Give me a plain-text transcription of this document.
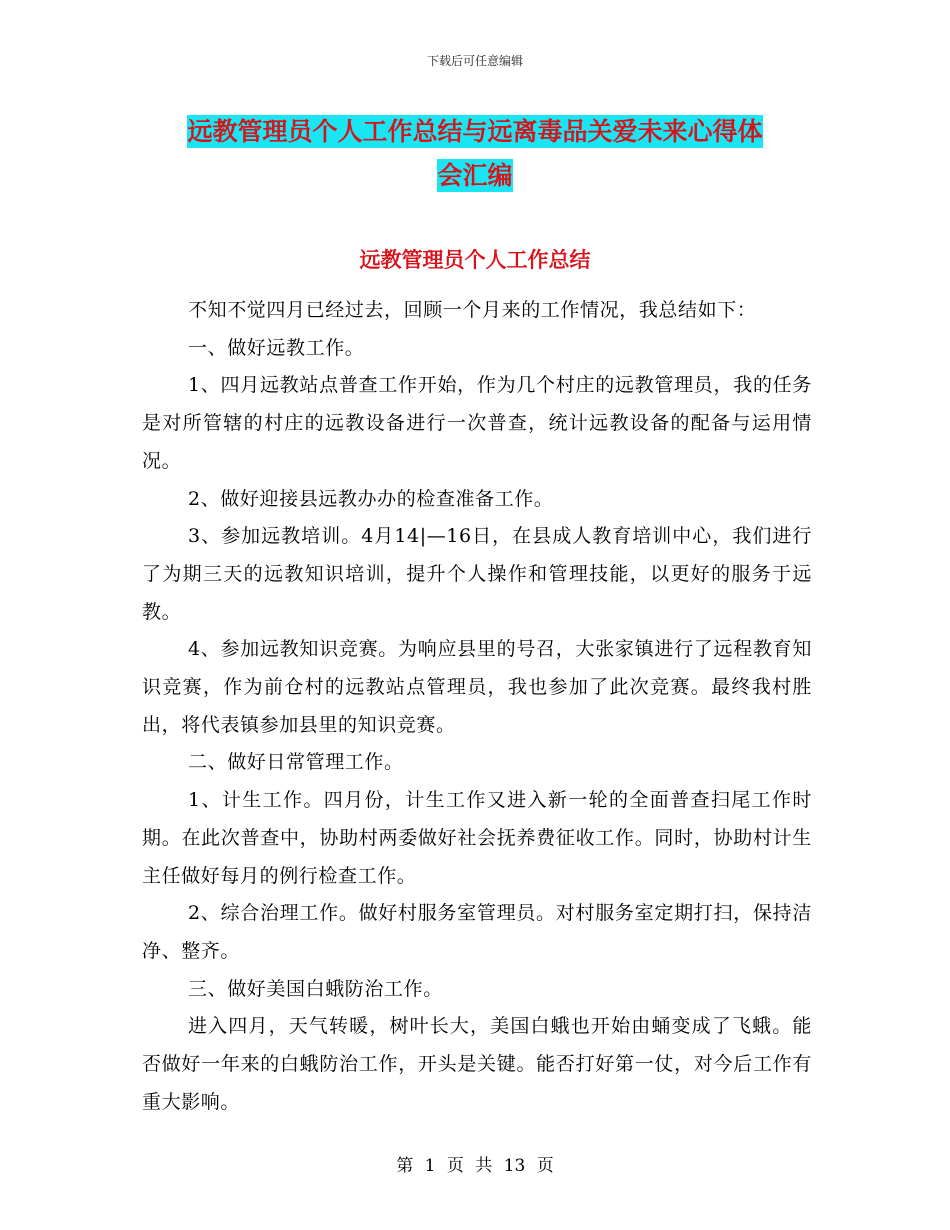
下载后可任意编辑
远教管理员个人工作总结与远离毒品关爱未来心得体
会汇编
远教管理员个人工作总结

不知不觉四月已经过去，回顾一个月来的工作情况，我总结如下：

一、做好远教工作。

1、四月远教站点普查工作开始，作为几个村庄的远教管理员，我的任务是对所管辖的村庄的远教设备进行一次普查，统计远教设备的配备与运用情况。

2、做好迎接县远教办办的检查准备工作。

3、参加远教培训。4月14|—16日，在县成人教育培训中心，我们进行了为期三天的远教知识培训，提升个人操作和管理技能，以更好的服务于远教。

4、参加远教知识竞赛。为响应县里的号召，大张家镇进行了远程教育知识竞赛，作为前仓村的远教站点管理员，我也参加了此次竞赛。最终我村胜出，将代表镇参加县里的知识竞赛。

二、做好日常管理工作。

1、计生工作。四月份，计生工作又进入新一轮的全面普查扫尾工作时期。在此次普查中，协助村两委做好社会抚养费征收工作。同时，协助村计生主任做好每月的例行检查工作。

2、综合治理工作。做好村服务室管理员。对村服务室定期打扫，保持洁净、整齐。

三、做好美国白蛾防治工作。

进入四月，天气转暖，树叶长大，美国白蛾也开始由蛹变成了飞蛾。能否做好一年来的白蛾防治工作，开头是关键。能否打好第一仗，对今后工作有重大影响。

第 1 页 共 13 页
